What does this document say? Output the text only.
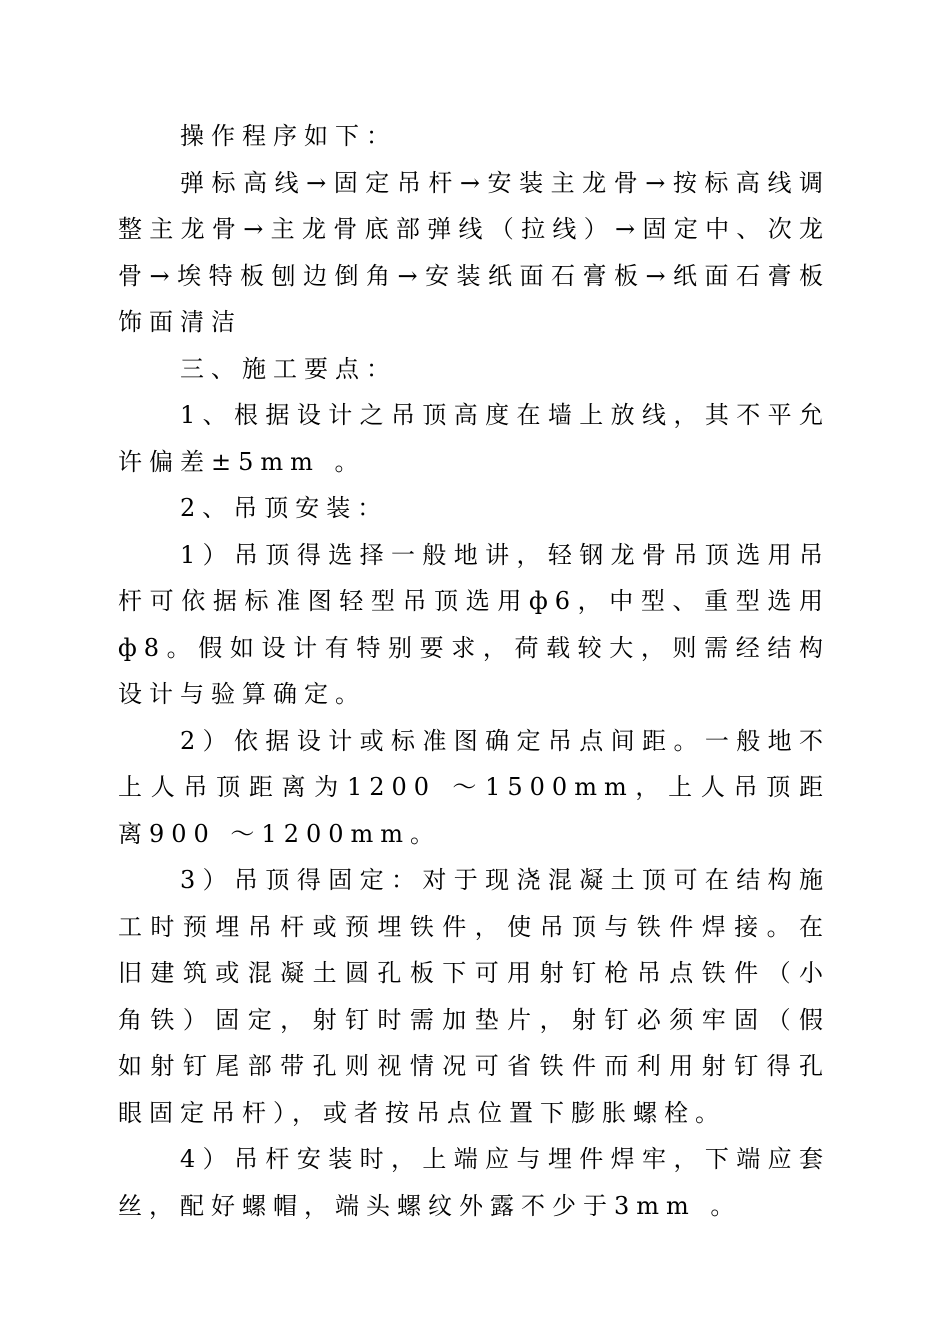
操作程序如下：

弹标高线→固定吊杆→安装主龙骨→按标高线调整主龙骨→主龙骨底部弹线（拉线）→固定中、次龙骨→埃特板刨边倒角→安装纸面石膏板→纸面石膏板饰面清洁

三、施工要点：

1、根据设计之吊顶高度在墙上放线，其不平允许偏差±5mm 。

2、吊顶安装：

1）吊顶得选择一般地讲，轻钢龙骨吊顶选用吊杆可依据标准图轻型吊顶选用ф6，中型、重型选用ф8。假如设计有特别要求，荷载较大，则需经结构设计与验算确定。

2）依据设计或标准图确定吊点间距。一般地不上人吊顶距离为1200 ～1500mm，上人吊顶距离900 ～1200mm。

3）吊顶得固定：对于现浇混凝土顶可在结构施工时预埋吊杆或预埋铁件，使吊顶与铁件焊接。在旧建筑或混凝土圆孔板下可用射钉枪吊点铁件（小角铁）固定，射钉时需加垫片，射钉必须牢固（假如射钉尾部带孔则视情况可省铁件而利用射钉得孔眼固定吊杆），或者按吊点位置下膨胀螺栓。

4）吊杆安装时，上端应与埋件焊牢，下端应套丝，配好螺帽，端头螺纹外露不少于3mm 。
